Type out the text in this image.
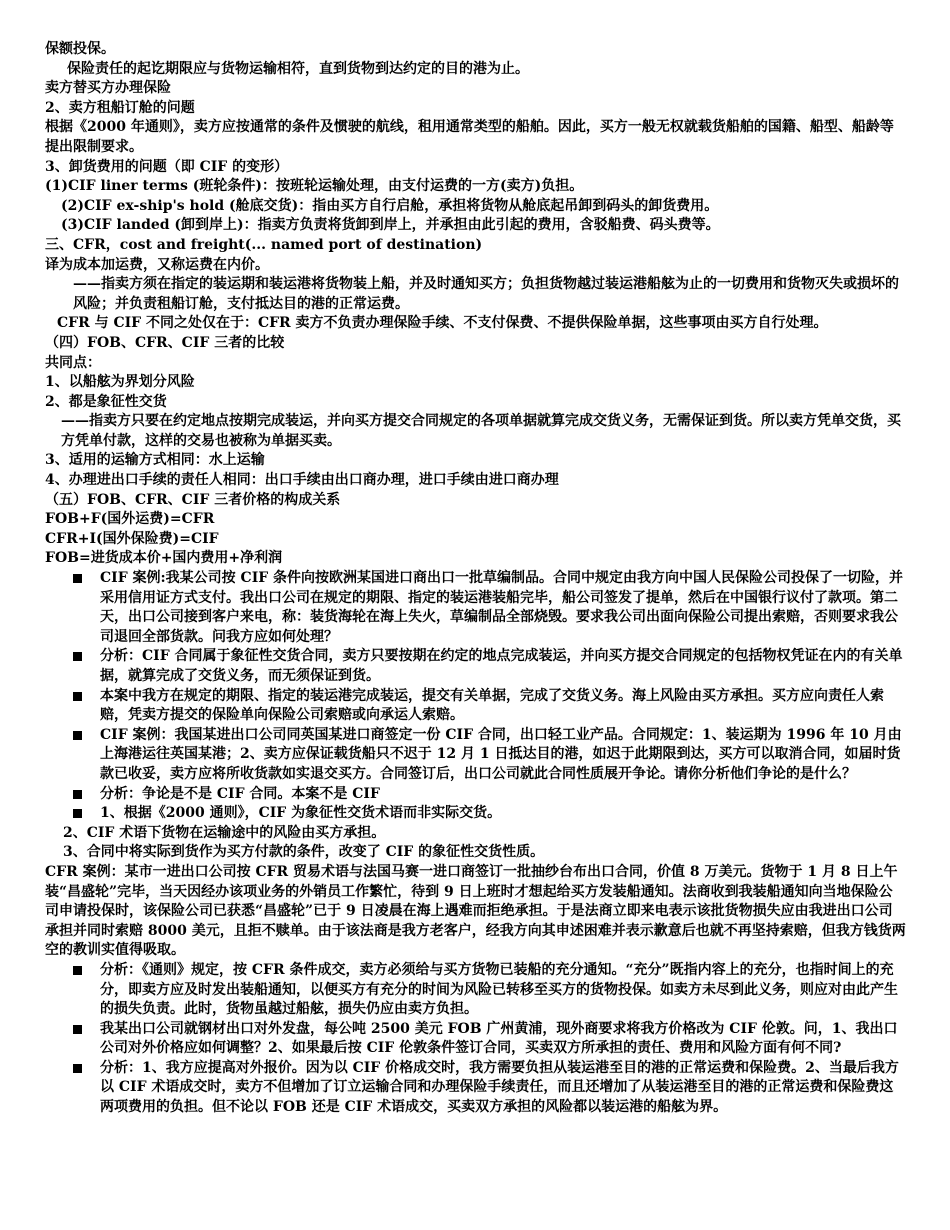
保额投保。
保险责任的起讫期限应与货物运输相符，直到货物到达约定的目的港为止。
卖方替买方办理保险
2、卖方租船订舱的问题
根据《2000 年通则》，卖方应按通常的条件及惯驶的航线，租用通常类型的船舶。因此，买方一般无权就载货船舶的国籍、船型、船龄等提出限制要求。
3、卸货费用的问题（即 CIF 的变形）
(1)CIF liner terms (班轮条件)：按班轮运输处理，由支付运费的一方(卖方)负担。
(2)CIF ex-ship's hold (舱底交货)：指由买方自行启舱，承担将货物从舱底起吊卸到码头的卸货费用。
(3)CIF landed (卸到岸上)：指卖方负责将货卸到岸上，并承担由此引起的费用，含驳船费、码头费等。
三、CFR，cost and freight(... named port of destination)
译为成本加运费，又称运费在内价。
——指卖方须在指定的装运期和装运港将货物装上船，并及时通知买方；负担货物越过装运港船舷为止的一切费用和货物灭失或损坏的风险；并负责租船订舱，支付抵达目的港的正常运费。
CFR 与 CIF 不同之处仅在于：CFR 卖方不负责办理保险手续、不支付保费、不提供保险单据，这些事项由买方自行处理。
（四）FOB、CFR、CIF 三者的比较
共同点：
1、以船舷为界划分风险
2、都是象征性交货
——指卖方只要在约定地点按期完成装运，并向买方提交合同规定的各项单据就算完成交货义务，无需保证到货。所以卖方凭单交货，买方凭单付款，这样的交易也被称为单据买卖。
3、适用的运输方式相同：水上运输
4、办理进出口手续的责任人相同：出口手续由出口商办理，进口手续由进口商办理
（五）FOB、CFR、CIF 三者价格的构成关系
FOB+F(国外运费)=CFR
CFR+I(国外保险费)=CIF
FOB=进货成本价+国内费用+净利润
CIF 案例:我某公司按 CIF 条件向按欧洲某国进口商出口一批草编制品。合同中规定由我方向中国人民保险公司投保了一切险，并采用信用证方式支付。我出口公司在规定的期限、指定的装运港装船完毕，船公司签发了提单，然后在中国银行议付了款项。第二天，出口公司接到客户来电，称：装货海轮在海上失火，草编制品全部烧毁。要求我公司出面向保险公司提出索赔，否则要求我公司退回全部货款。问我方应如何处理？
分析：CIF 合同属于象征性交货合同，卖方只要按期在约定的地点完成装运，并向买方提交合同规定的包括物权凭证在内的有关单据，就算完成了交货义务，而无须保证到货。
本案中我方在规定的期限、指定的装运港完成装运，提交有关单据，完成了交货义务。海上风险由买方承担。买方应向责任人索赔，凭卖方提交的保险单向保险公司索赔或向承运人索赔。
CIF 案例：我国某进出口公司同英国某进口商签定一份 CIF 合同，出口轻工业产品。合同规定：1、装运期为 1996 年 10 月由上海港运往英国某港；2、卖方应保证载货船只不迟于 12 月 1 日抵达目的港，如迟于此期限到达，买方可以取消合同，如届时货款已收妥，卖方应将所收货款如实退交买方。合同签订后，出口公司就此合同性质展开争论。请你分析他们争论的是什么？
分析：争论是不是 CIF 合同。本案不是 CIF
1、根据《2000 通则》，CIF 为象征性交货术语而非实际交货。
2、CIF 术语下货物在运输途中的风险由买方承担。
3、合同中将实际到货作为买方付款的条件，改变了 CIF 的象征性交货性质。
CFR 案例：某市一进出口公司按 CFR 贸易术语与法国马赛一进口商签订一批抽纱台布出口合同，价值 8 万美元。货物于 1 月 8 日上午装“昌盛轮”完毕，当天因经办该项业务的外销员工作繁忙，待到 9 日上班时才想起给买方发装船通知。法商收到我装船通知向当地保险公司申请投保时，该保险公司已获悉“昌盛轮”已于 9 日凌晨在海上遇难而拒绝承担。于是法商立即来电表示该批货物损失应由我进出口公司承担并同时索赔 8000 美元，且拒不赎单。由于该法商是我方老客户，经我方向其申述困难并表示歉意后也就不再坚持索赔，但我方钱货两空的教训实值得吸取。
分析：《通则》规定，按 CFR 条件成交，卖方必须给与买方货物已装船的充分通知。“充分”既指内容上的充分，也指时间上的充分，即卖方应及时发出装船通知，以便买方有充分的时间为风险已转移至买方的货物投保。如卖方未尽到此义务，则应对由此产生的损失负责。此时，货物虽越过船舷，损失仍应由卖方负担。
我某出口公司就钢材出口对外发盘，每公吨 2500 美元 FOB 广州黄浦，现外商要求将我方价格改为 CIF 伦敦。问，1、我出口公司对外价格应如何调整？2、如果最后按 CIF 伦敦条件签订合同，买卖双方所承担的责任、费用和风险方面有何不同?
分析：1、我方应提高对外报价。因为以 CIF 价格成交时，我方需要负担从装运港至目的港的正常运费和保险费。2、当最后我方以 CIF 术语成交时，卖方不但增加了订立运输合同和办理保险手续责任，而且还增加了从装运港至目的港的正常运费和保险费这两项费用的负担。但不论以 FOB 还是 CIF 术语成交，买卖双方承担的风险都以装运港的船舷为界。
